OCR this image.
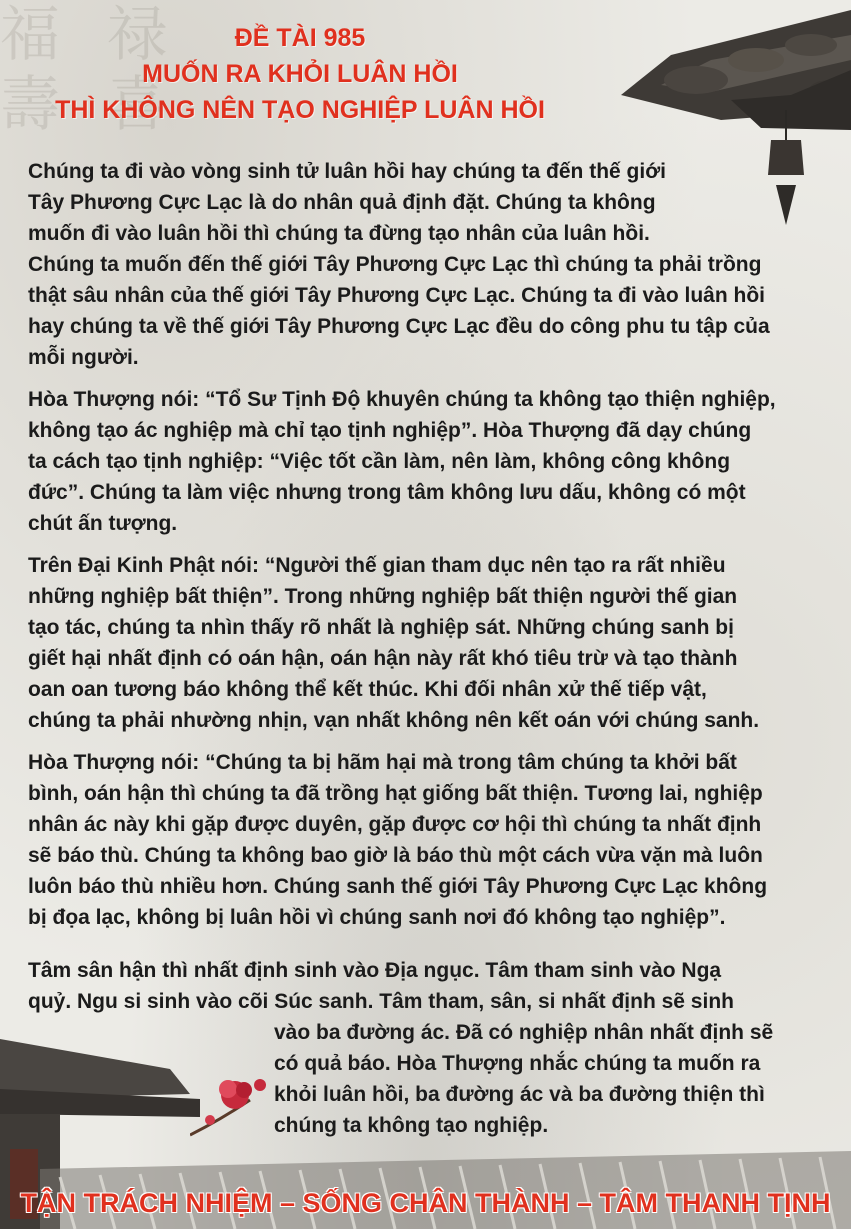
福 禄
壽 喜
ĐỀ TÀI 985
MUỐN RA KHỎI LUÂN HỒI
THÌ KHÔNG NÊN TẠO NGHIỆP LUÂN HỒI

Chúng ta đi vào vòng sinh tử luân hồi hay chúng ta đến thế giới
Tây Phương Cực Lạc là do nhân quả định đặt. Chúng ta không
muốn đi vào luân hồi thì chúng ta đừng tạo nhân của luân hồi.
Chúng ta muốn đến thế giới Tây Phương Cực Lạc thì chúng ta phải trồng
thật sâu nhân của thế giới Tây Phương Cực Lạc. Chúng ta đi vào luân hồi
hay chúng ta về thế giới Tây Phương Cực Lạc đều do công phu tu tập của
mỗi người.

Hòa Thượng nói: “Tổ Sư Tịnh Độ khuyên chúng ta không tạo thiện nghiệp,
không tạo ác nghiệp mà chỉ tạo tịnh nghiệp”. Hòa Thượng đã dạy chúng
ta cách tạo tịnh nghiệp: “Việc tốt cần làm, nên làm, không công không
đức”. Chúng ta làm việc nhưng trong tâm không lưu dấu, không có một
chút ấn tượng.

Trên Đại Kinh Phật nói: “Người thế gian tham dục nên tạo ra rất nhiều
những nghiệp bất thiện”. Trong những nghiệp bất thiện người thế gian
tạo tác, chúng ta nhìn thấy rõ nhất là nghiệp sát. Những chúng sanh bị
giết hại nhất định có oán hận, oán hận này rất khó tiêu trừ và tạo thành
oan oan tương báo không thể kết thúc. Khi đối nhân xử thế tiếp vật,
chúng ta phải nhường nhịn, vạn nhất không nên kết oán với chúng sanh.

Hòa Thượng nói: “Chúng ta bị hãm hại mà trong tâm chúng ta khởi bất
bình, oán hận thì chúng ta đã trồng hạt giống bất thiện. Tương lai, nghiệp
nhân ác này khi gặp được duyên, gặp được cơ hội thì chúng ta nhất định
sẽ báo thù. Chúng ta không bao giờ là báo thù một cách vừa vặn mà luôn
luôn báo thù nhiều hơn. Chúng sanh thế giới Tây Phương Cực Lạc không
bị đọa lạc, không bị luân hồi vì chúng sanh nơi đó không tạo nghiệp”.

Tâm sân hận thì nhất định sinh vào Địa ngục. Tâm tham sinh vào Ngạ
quỷ. Ngu si sinh vào cõi Súc sanh. Tâm tham, sân, si nhất định sẽ sinh
vào ba đường ác. Đã có nghiệp nhân nhất định sẽ
có quả báo. Hòa Thượng nhắc chúng ta muốn ra
khỏi luân hồi, ba đường ác và ba đường thiện thì
chúng ta không tạo nghiệp.
TẬN TRÁCH NHIỆM – SỐNG CHÂN THÀNH – TÂM THANH TỊNH
